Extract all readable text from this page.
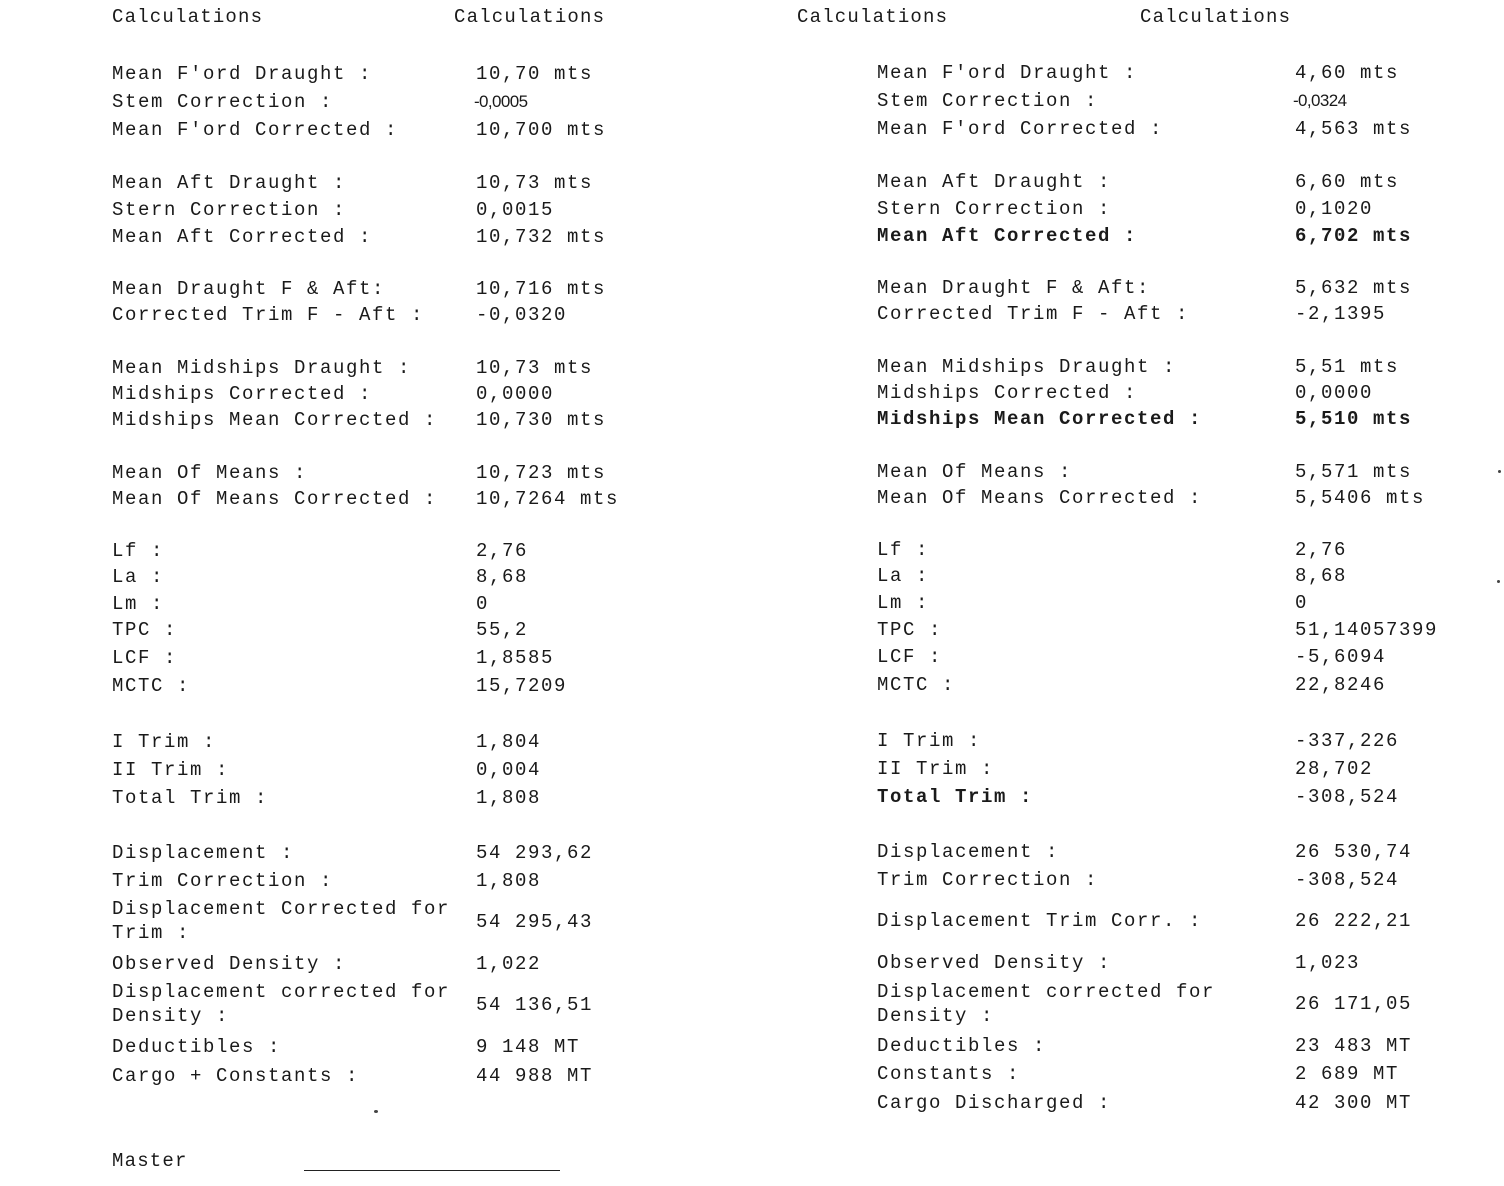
Calculations	Calculations	Calculations	Calculations
Mean F'ord Draught :	10,70 mts
Stem Correction :	-0,0005
Mean F'ord Corrected :	10,700 mts
Mean Aft Draught :	10,73 mts
Stern Correction :	0,0015
Mean Aft Corrected :	10,732 mts
Mean Draught F & Aft:	10,716 mts
Corrected Trim F - Aft :	-0,0320
Mean Midships Draught :	10,73 mts
Midships Corrected :	0,0000
Midships Mean Corrected : 10,730 mts
Mean Of Means :	10,723 mts
Mean Of Means Corrected : 10,7264 mts
Lf :	2,76
La :	8,68
Lm :	0
TPC :	55,2
LCF :	1,8585
MCTC :	15,7209
I Trim :	1,804
II Trim :	0,004
Total Trim :	1,808
Displacement :	54 293,62
Trim Correction :	1,808
Displacement Corrected for Trim :	54 295,43
Observed Density :	1,022
Displacement corrected for Density :	54 136,51
Deductibles :	9 148 MT
Cargo + Constants :	44 988 MT
Mean F'ord Draught :	4,60 mts
Stem Correction :	-0,0324
Mean F'ord Corrected :	4,563 mts
Mean Aft Draught :	6,60 mts
Stern Correction :	0,1020
Mean Aft Corrected :	6,702 mts
Mean Draught F & Aft:	5,632 mts
Corrected Trim F - Aft :	-2,1395
Mean Midships Draught :	5,51 mts
Midships Corrected :	0,0000
Midships Mean Corrected :	5,510 mts
Mean Of Means :	5,571 mts
Mean Of Means Corrected :	5,5406 mts
Lf :	2,76
La :	8,68
Lm :	0
TPC :	51,14057399
LCF :	-5,6094
MCTC :	22,8246
I Trim :	-337,226
II Trim :	28,702
Total Trim :	-308,524
Displacement :	26 530,74
Trim Correction :	-308,524
Displacement Trim Corr. :	26 222,21
Observed Density :	1,023
Displacement corrected for Density :
26 171,05
Deductibles :	23 483 MT
Constants :	2 689 MT
Cargo Discharged :	42 300 MT
Master
